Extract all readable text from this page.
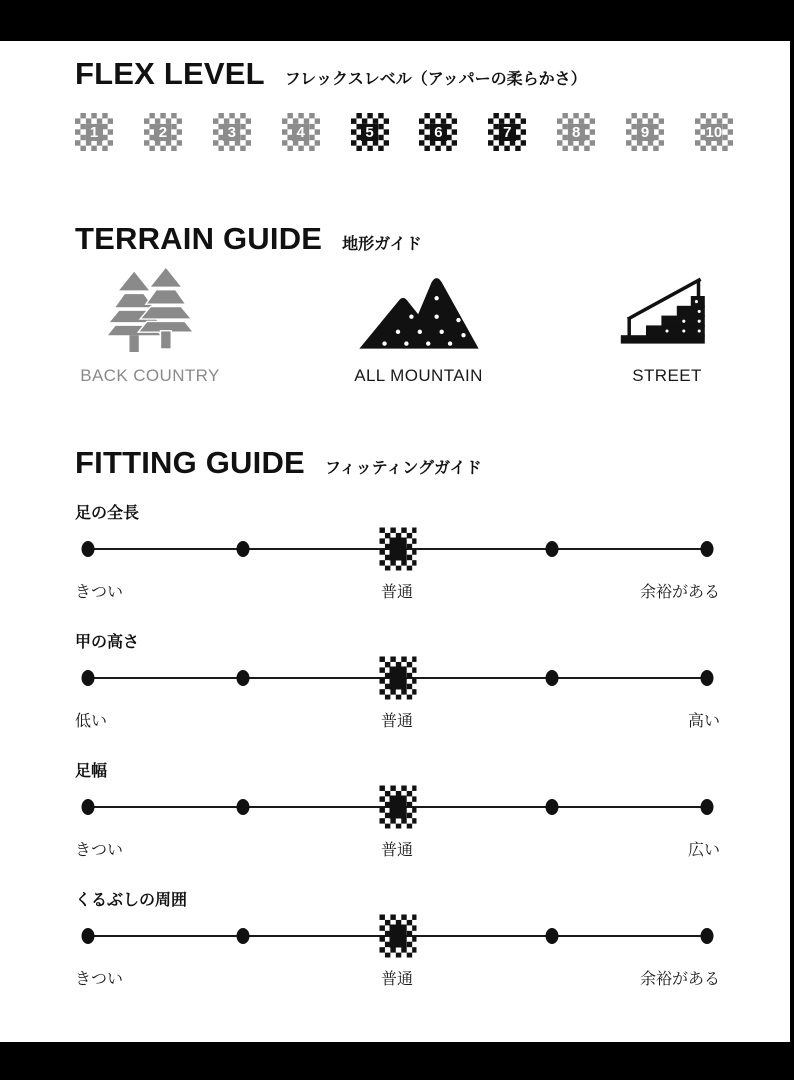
FLEX LEVEL フレックスレベル（アッパーの柔らかさ）
1	2	3	4	5	6	7	8	9	10
TERRAIN GUIDE 地形ガイド
BACK COUNTRY	ALL MOUNTAIN	STREET
FITTING GUIDE フィッティングガイド
足の全長
きつい	普通	余裕がある
甲の高さ
低い	普通	高い
足幅
きつい	普通	広い
くるぶしの周囲
きつい	普通	余裕がある
